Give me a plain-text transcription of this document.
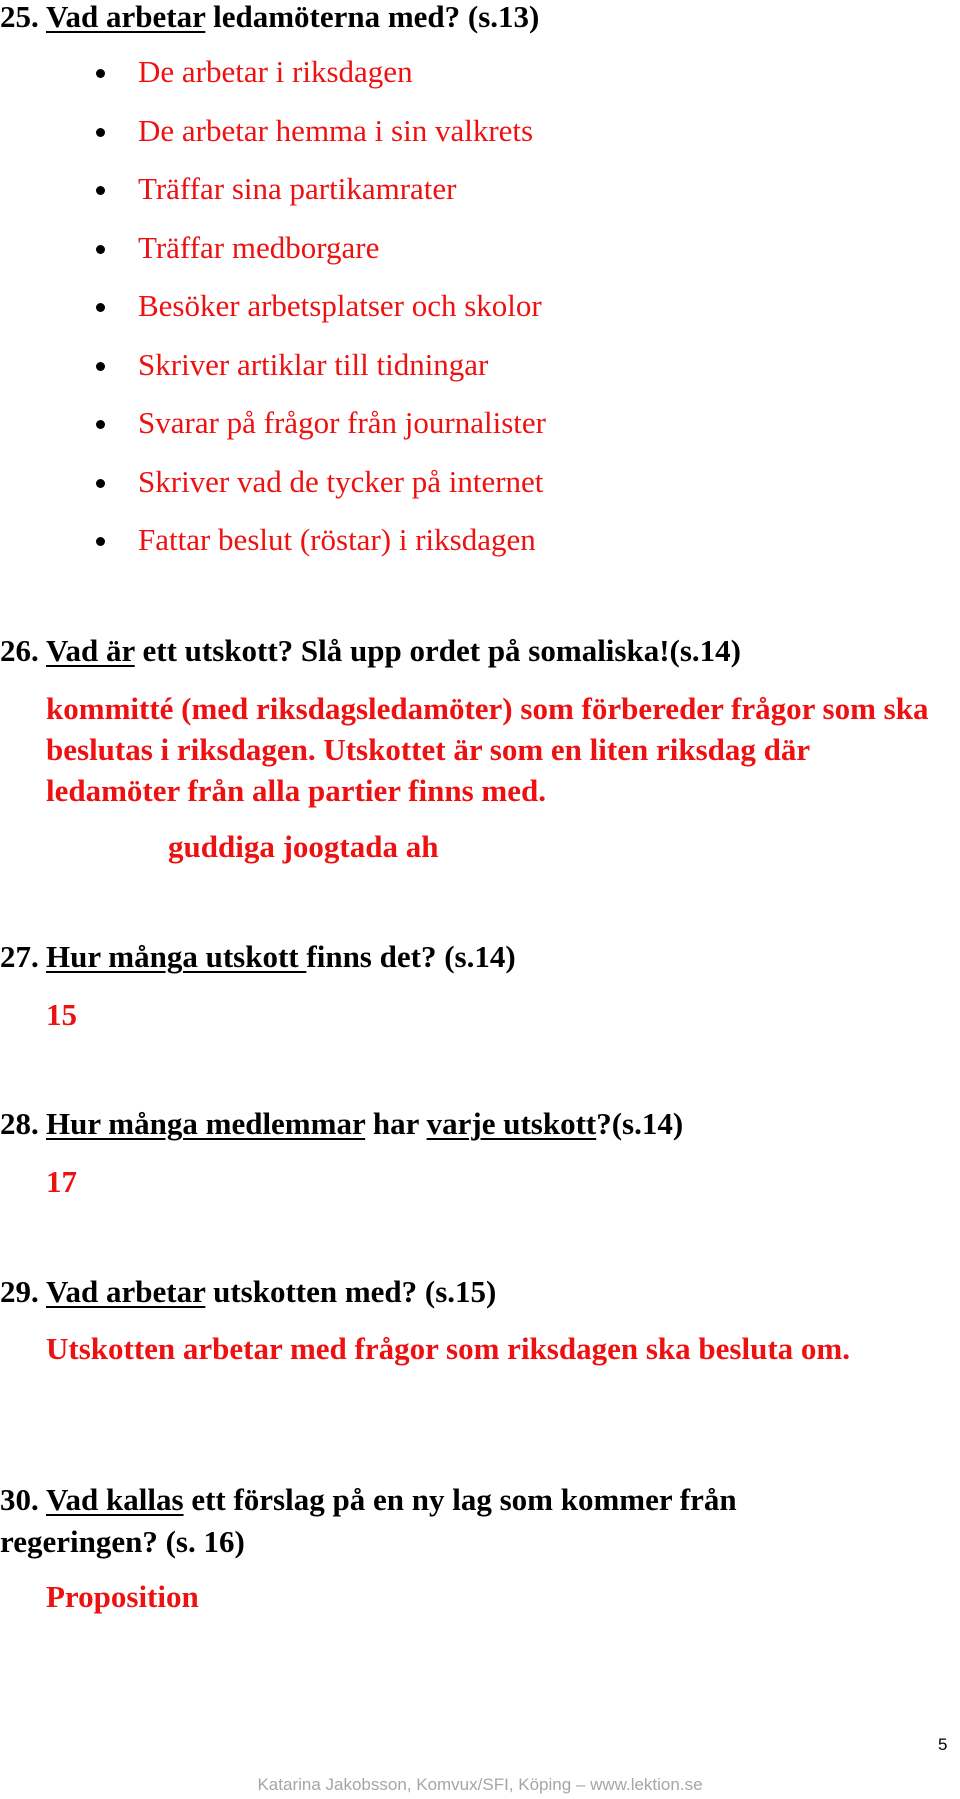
25. Vad arbetar ledamöterna med? (s.13)
De arbetar i riksdagen
De arbetar hemma i sin valkrets
Träffar sina partikamrater
Träffar medborgare
Besöker arbetsplatser och skolor
Skriver artiklar till tidningar
Svarar på frågor från journalister
Skriver vad de tycker på internet
Fattar beslut (röstar) i riksdagen
26. Vad är ett utskott? Slå upp ordet på somaliska!(s.14)
kommitté (med riksdagsledamöter) som förbereder frågor som ska beslutas i riksdagen. Utskottet är som en liten riksdag där ledamöter från alla partier finns med.
guddiga joogtada ah
27. Hur många utskott finns det? (s.14)
15
28. Hur många medlemmar har varje utskott?(s.14)
17
29. Vad arbetar utskotten med? (s.15)
Utskotten arbetar med frågor som riksdagen ska besluta om.
30. Vad kallas ett förslag på en ny lag som kommer från regeringen? (s. 16)
Proposition
5
Katarina Jakobsson, Komvux/SFI, Köping – www.lektion.se
